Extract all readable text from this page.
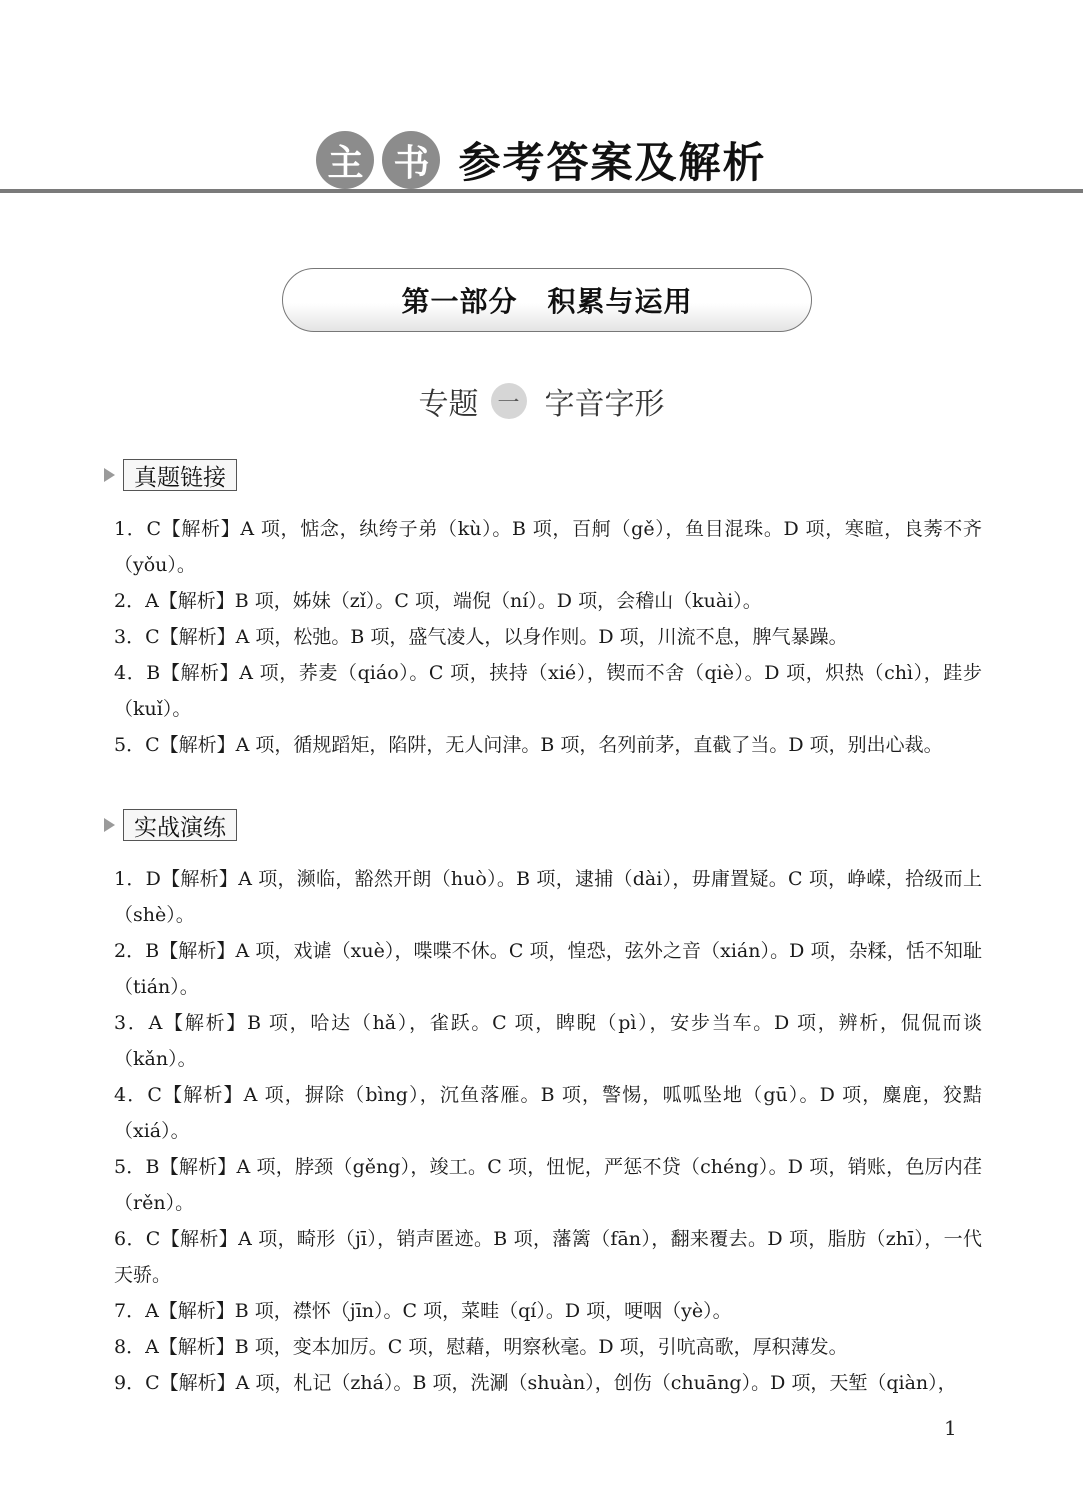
主 书 参考答案及解析
第一部分 积累与运用
专题 一 字音字形
真题链接

1．C【解析】A 项，惦念，纨绔子弟（kù）。B 项，百舸（gě），鱼目混珠。D 项，寒暄，良莠不齐（yǒu）。

2．A【解析】B 项，姊妹（zǐ）。C 项，端倪（ní）。D 项，会稽山（kuài）。

3．C【解析】A 项，松弛。B 项，盛气凌人，以身作则。D 项，川流不息，脾气暴躁。

4．B【解析】A 项，荞麦（qiáo）。C 项，挟持（xié），锲而不舍（qiè）。D 项，炽热（chì），跬步（kuǐ）。

5．C【解析】A 项，循规蹈矩，陷阱，无人问津。B 项，名列前茅，直截了当。D 项，别出心裁。

实战演练

1．D【解析】A 项，濒临，豁然开朗（huò）。B 项，逮捕（dài），毋庸置疑。C 项，峥嵘，拾级而上（shè）。

2．B【解析】A 项，戏谑（xuè），喋喋不休。C 项，惶恐，弦外之音（xián）。D 项，杂糅，恬不知耻（tián）。

3．A【解析】B 项，哈达（hǎ），雀跃。C 项，睥睨（pì），安步当车。D 项，辨析，侃侃而谈（kǎn）。

4．C【解析】A 项，摒除（bìng），沉鱼落雁。B 项，警惕，呱呱坠地（gū）。D 项，麋鹿，狡黠（xiá）。

5．B【解析】A 项，脖颈（gěng），竣工。C 项，忸怩，严惩不贷（chéng）。D 项，销账，色厉内荏（rěn）。

6．C【解析】A 项，畸形（jī），销声匿迹。B 项，藩篱（fān），翻来覆去。D 项，脂肪（zhī），一代天骄。

7．A【解析】B 项，襟怀（jīn）。C 项，菜畦（qí）。D 项，哽咽（yè）。

8．A【解析】B 项，变本加厉。C 项，慰藉，明察秋毫。D 项，引吭高歌，厚积薄发。

9．C【解析】A 项，札记（zhá）。B 项，洗涮（shuàn），创伤（chuāng）。D 项，天堑（qiàn），

1
